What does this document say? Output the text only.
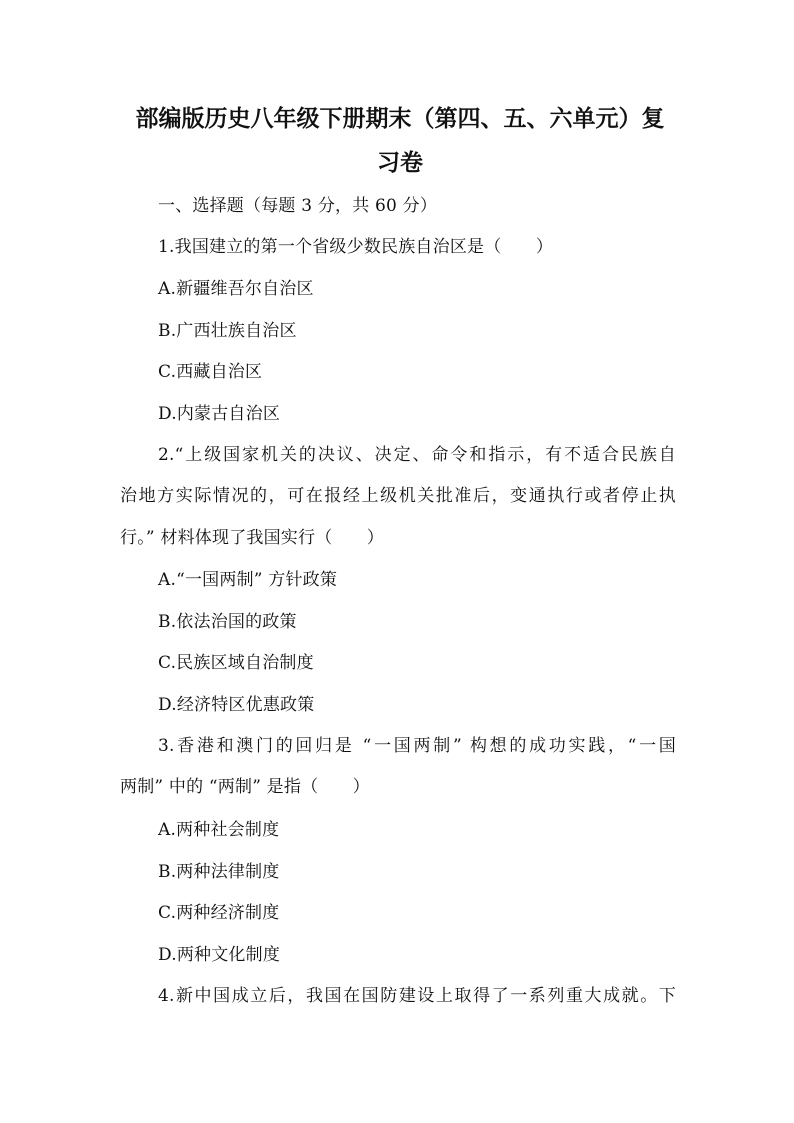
部编版历史八年级下册期末（第四、五、六单元）复
习卷
一、选择题（每题 3 分，共 60 分）
1.我国建立的第一个省级少数民族自治区是（　　）
A.新疆维吾尔自治区
B.广西壮族自治区
C.西藏自治区
D.内蒙古自治区
2.“上级国家机关的决议、决定、命令和指示，有不适合民族自
治地方实际情况的，可在报经上级机关批准后，变通执行或者停止执
行。” 材料体现了我国实行（　　）
A.“一国两制” 方针政策
B.依法治国的政策
C.民族区域自治制度
D.经济特区优惠政策
3.香港和澳门的回归是 “一国两制” 构想的成功实践，“一国
两制” 中的 “两制” 是指（　　）
A.两种社会制度
B.两种法律制度
C.两种经济制度
D.两种文化制度
4.新中国成立后，我国在国防建设上取得了一系列重大成就。下
